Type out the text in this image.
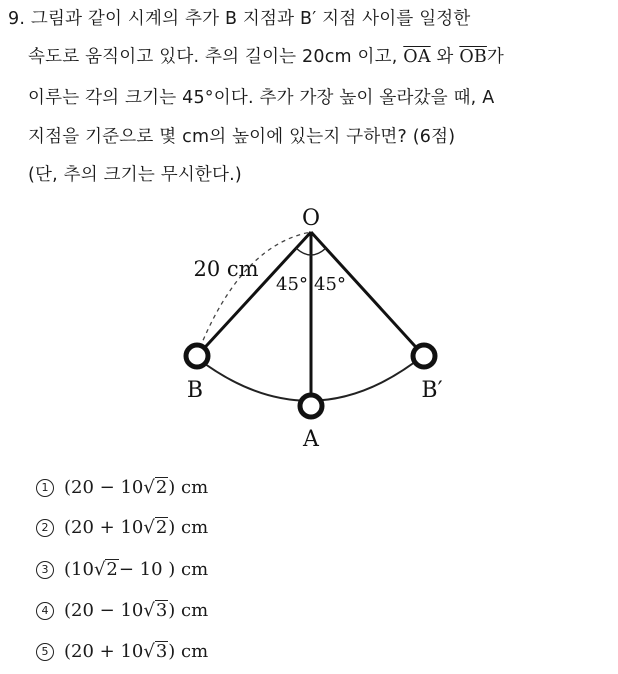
9. 그림과 같이 시계의 추가 B 지점과 B′ 지점 사이를 일정한
속도로 움직이고 있다. 추의 길이는 20cm 이고, $\overline{OA}$ 와 $\overline{OB}$가
이루는 각의 크기는 45°이다. 추가 가장 높이 올라갔을 때, A
지점을 기준으로 몇 cm의 높이에 있는지 구하면? (6점)
(단, 추의 크기는 무시한다.)
O
A
B	B′
20 cm
45° 45°
1 (20 − 10√2) cm
2 (20 + 10√2) cm
3 (10√2− 10 ) cm
4 (20 − 10√3) cm
5 (20 + 10√3) cm
